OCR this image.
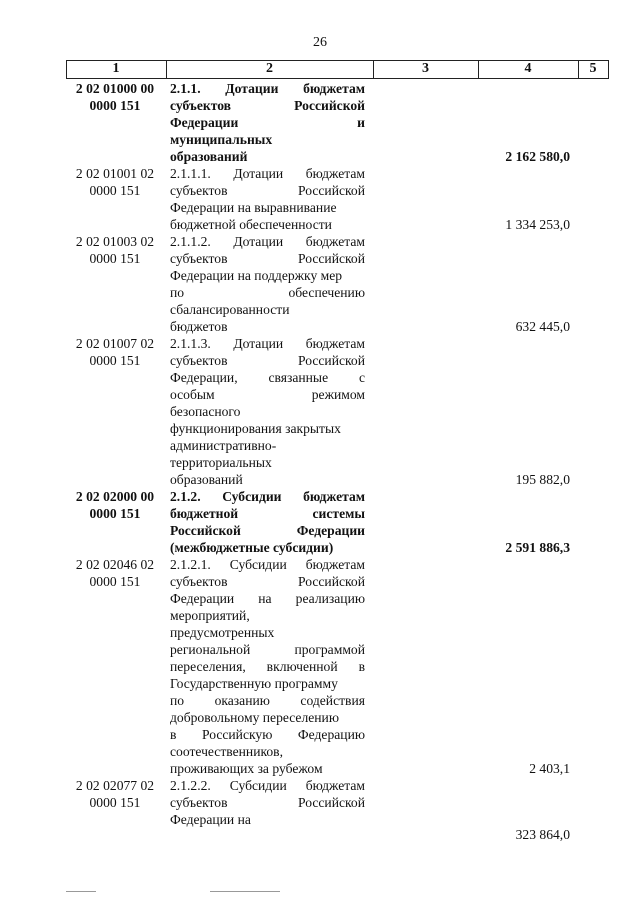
26
1	2	3	4	5
2 02 01000 00
0000 151
2.1.1. Дотации бюджетам
субъектов Российской
Федерации и
муниципальных
образований	2 162 580,0
2 02 01001 02
0000 151
2.1.1.1. Дотации бюджетам
субъектов Российской
Федерации на выравнивание
бюджетной обеспеченности	1 334 253,0
2 02 01003 02
0000 151
2.1.1.2. Дотации бюджетам
субъектов Российской
Федерации на поддержку мер
по обеспечению
сбалансированности
бюджетов	632 445,0
2 02 01007 02
0000 151
2.1.1.3. Дотации бюджетам
субъектов Российской
Федерации, связанные с
особым режимом
безопасного
функционирования закрытых
административно-
территориальных
образований	195 882,0
2 02 02000 00
0000 151
2.1.2. Субсидии бюджетам
бюджетной системы
Российской Федерации
(межбюджетные субсидии)	2 591 886,3
2 02 02046 02
0000 151
2.1.2.1. Субсидии бюджетам
субъектов Российской
Федерации на реализацию
мероприятий,
предусмотренных
региональной программой
переселения, включенной в
Государственную программу
по оказанию содействия
добровольному переселению
в Российскую Федерацию
соотечественников,
проживающих за рубежом	2 403,1
2 02 02077 02
0000 151
2.1.2.2. Субсидии бюджетам
субъектов Российской
Федерации на
323 864,0
